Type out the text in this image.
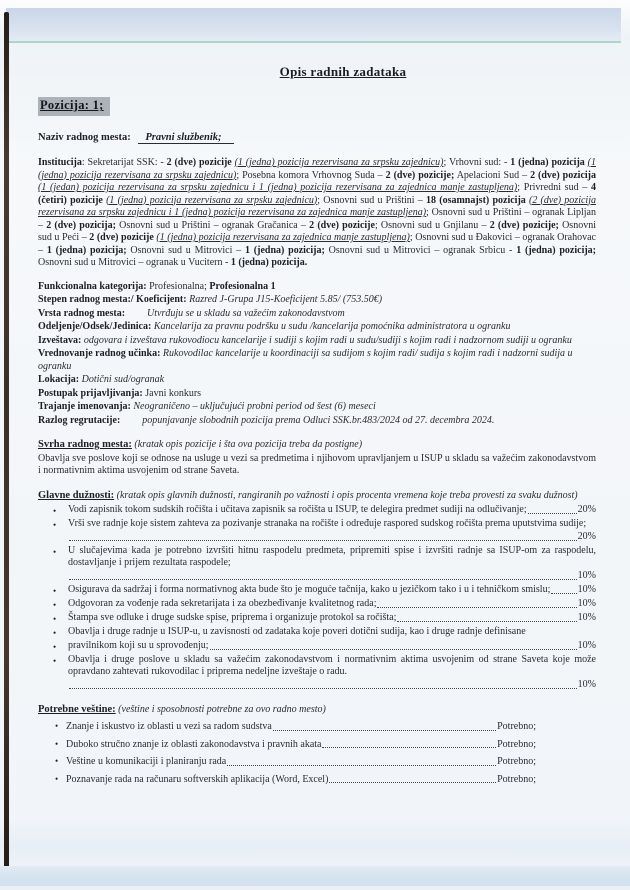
Opis radnih zadataka
Pozicija: 1;
Naziv radnog mesta: Pravni službenik;

Institucija: Sekretarijat SSK: - 2 (dve) pozicije (1 (jedna) pozicija rezervisana za srpsku zajednicu); Vrhovni sud: - 1 (jedna) pozicija (1 (jedna) pozicija rezervisana za srpsku zajednicu); Posebna komora Vrhovnog Suda – 2 (dve) pozicije; Apelacioni Sud – 2 (dve) pozicija (1 (jedan) pozicija rezervisana za srpsku zajednicu i 1 (jedna) pozicija rezervisana za zajednica manje zastupljena); Privredni sud – 4 (četiri) pozicije (1 (jedna) pozicija rezervisana za srpsku zajednicu); Osnovni sud u Prištini – 18 (osamnajst) pozicija (2 (dve) pozicija rezervisana za srpsku zajednicu i 1 (jedna) pozicija rezervisana za zajednica manje zastupljena); Osnovni sud u Prištini – ogranak Lipljan – 2 (dve) pozicija; Osnovni sud u Prištini – ogranak Gračanica – 2 (dve) pozicije; Osnovni sud u Gnjilanu – 2 (dve) pozicije; Osnovni sud u Peći – 2 (dve) pozicije (1 (jedna) pozicija rezervisana za zajednica manje zastupljena); Osnovni sud u Đakovici – ogranak Orahovac – 1 (jedna) pozicija; Osnovni sud u Mitrovici – 1 (jedna) pozicija; Osnovni sud u Mitrovici – ogranak Srbicu - 1 (jedna) pozicija; Osnovni sud u Mitrovici – ogranak u Vucitern - 1 (jedna) pozicija.

Funkcionalna kategorija: Profesionalna; Profesionalna 1
Stepen radnog mesta:/ Koeficijent: Razred J-Grupa J15-Koeficijent 5.85/ (753.50€)
Vrsta radnog mesta: Utvrđuju se u skladu sa važećim zakonodavstvom
Odeljenje/Odsek/Jedinica: Kancelarija za pravnu podršku u sudu /kancelarija pomoćnika administratora u ogranku
Izveštava: odgovara i izveštava rukovodiocu kancelarije i sudiji s kojim radi u sudu/sudiji s kojim radi i nadzornom sudiji u ogranku
Vrednovanje radnog učinka: Rukovodilac kancelarije u koordinaciji sa sudijom s kojim radi/ sudija s kojim radi i nadzorni sudija u ogranku
Lokacija: Dotični sud/ogranak
Postupak prijavljivanja: Javni konkurs
Trajanje imenovanja: Neograničeno – uključujući probni period od šest (6) meseci
Razlog regrutacije: popunjavanje slobodnih pozicija prema Odluci SSK.br.483/2024 od 27. decembra 2024.
Svrha radnog mesta: (kratak opis pozicije i šta ova pozicija treba da postigne)

Obavlja sve poslove koji se odnose na usluge u vezi sa predmetima i njihovom upravljanjem u ISUP u skladu sa važećim zakonodavstvom i normativnim aktima usvojenim od strane Saveta.

Glavne dužnosti: (kratak opis glavnih dužnosti, rangiranih po važnosti i opis procenta vremena koje treba provesti za svaku dužnost)
•	Vodi zapisnik tokom sudskih ročišta i učitava zapisnik sa ročišta u ISUP, te delegira predmet sudiji na odlučivanje;	20%
•	Vrši sve radnje koje sistem zahteva za pozivanje stranaka na ročište i određuje raspored sudskog ročišta prema uputstvima sudije;
20%
•	U slučajevima kada je potrebno izvršiti hitnu raspodelu predmeta, pripremiti spise i izvršiti radnje sa ISUP-om za raspodelu, dostavljanje i prijem rezultata raspodele;
10%
•	Osigurava da sadržaj i forma normativnog akta bude što je moguće tačnija, kako u jezičkom tako i u i tehničkom smislu;	10%
•	Odgovoran za vođenje rada sekretarijata i za obezbeđivanje kvalitetnog rada;	10%
•	Štampa sve odluke i druge sudske spise, priprema i organizuje protokol sa ročišta;	10%
•	Obavlja i druge radnje u ISUP-u, u zavisnosti od zadataka koje poveri dotični sudija, kao i druge radnje definisane
•	pravilnikom koji su u sprovođenju;	10%
•	Obavlja i druge poslove u skladu sa važećim zakonodavstvom i normativnim aktima usvojenim od strane Saveta koje može opravdano zahtevati rukovodilac i priprema nedeljne izveštaje o radu.
10%
Potrebne veštine: (veštine i sposobnosti potrebne za ovo radno mesto)
• Znanje i iskustvo iz oblasti u vezi sa radom sudstva	Potrebno;
• Duboko stručno znanje iz oblasti zakonodavstva i pravnih akata	Potrebno;
• Veštine u komunikaciji i planiranju rada	Potrebno;
• Poznavanje rada na računaru softverskih aplikacija (Word, Excel)	Potrebno;
